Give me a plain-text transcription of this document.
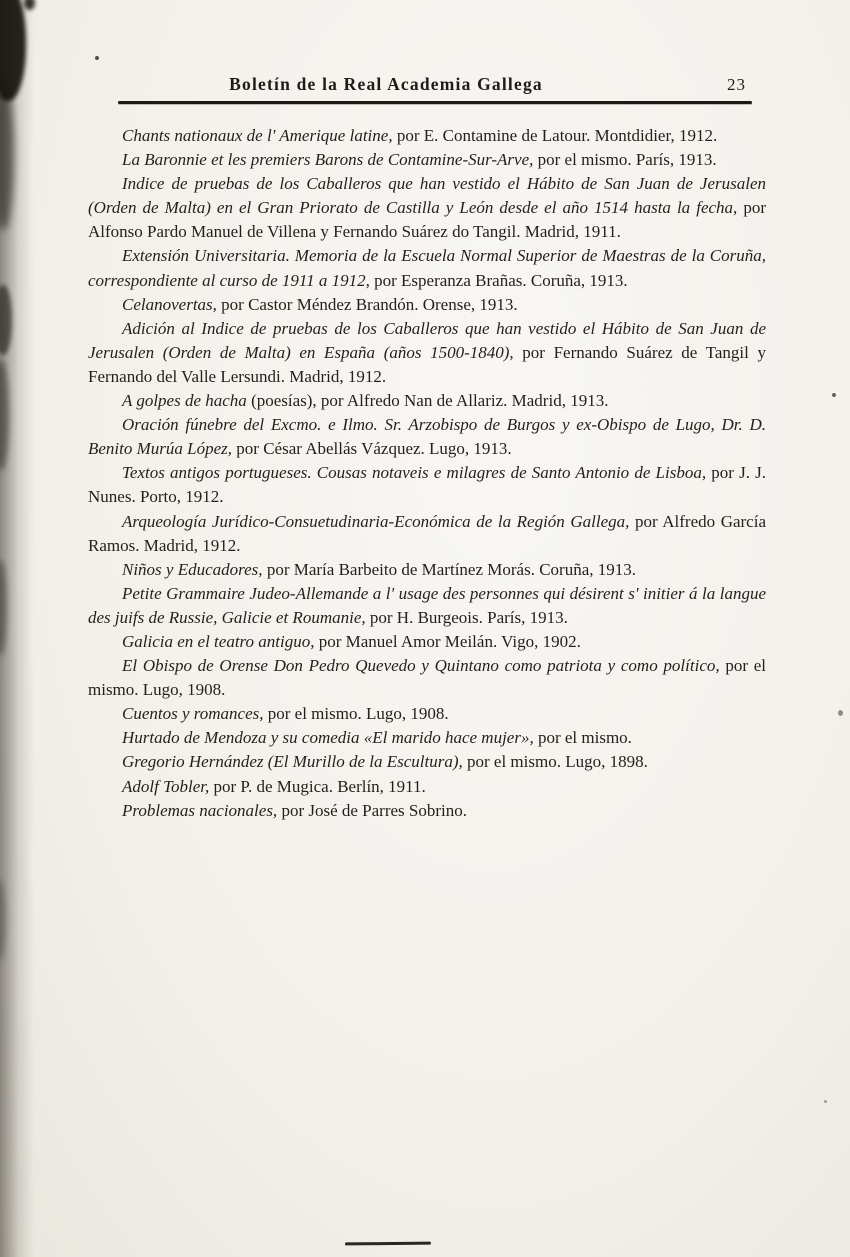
Boletín de la Real Academia Gallega	23

Chants nationaux de l' Amerique latine, por E. Contamine de Latour. Montdidier, 1912.

La Baronnie et les premiers Barons de Contamine-Sur-Arve, por el mismo. París, 1913.

Indice de pruebas de los Caballeros que han vestido el Hábito de San Juan de Jerusalen (Orden de Malta) en el Gran Priorato de Castilla y León desde el año 1514 hasta la fecha, por Alfonso Pardo Manuel de Villena y Fernando Suárez do Tangil. Madrid, 1911.

Extensión Universitaria. Memoria de la Escuela Normal Superior de Maestras de la Coruña, correspondiente al curso de 1911 a 1912, por Esperanza Brañas. Coruña, 1913.

Celanovertas, por Castor Méndez Brandón. Orense, 1913.

Adición al Indice de pruebas de los Caballeros que han vestido el Hábito de San Juan de Jerusalen (Orden de Malta) en España (años 1500-1840), por Fernando Suárez de Tangil y Fernando del Valle Lersundi. Madrid, 1912.

A golpes de hacha (poesías), por Alfredo Nan de Allariz. Madrid, 1913.

Oración fúnebre del Excmo. e Ilmo. Sr. Arzobispo de Burgos y ex-Obispo de Lugo, Dr. D. Benito Murúa López, por César Abellás Vázquez. Lugo, 1913.

Textos antigos portugueses. Cousas notaveis e milagres de Santo Antonio de Lisboa, por J. J. Nunes. Porto, 1912.

Arqueología Jurídico-Consuetudinaria-Económica de la Región Gallega, por Alfredo García Ramos. Madrid, 1912.

Niños y Educadores, por María Barbeito de Martínez Morás. Coruña, 1913.

Petite Grammaire Judeo-Allemande a l' usage des personnes qui désirent s' initier á la langue des juifs de Russie, Galicie et Roumanie, por H. Burgeois. París, 1913.

Galicia en el teatro antiguo, por Manuel Amor Meilán. Vigo, 1902.

El Obispo de Orense Don Pedro Quevedo y Quintano como patriota y como político, por el mismo. Lugo, 1908.

Cuentos y romances, por el mismo. Lugo, 1908.

Hurtado de Mendoza y su comedia «El marido hace mujer», por el mismo.

Gregorio Hernández (El Murillo de la Escultura), por el mismo. Lugo, 1898.

Adolf Tobler, por P. de Mugica. Berlín, 1911.

Problemas nacionales, por José de Parres Sobrino.
